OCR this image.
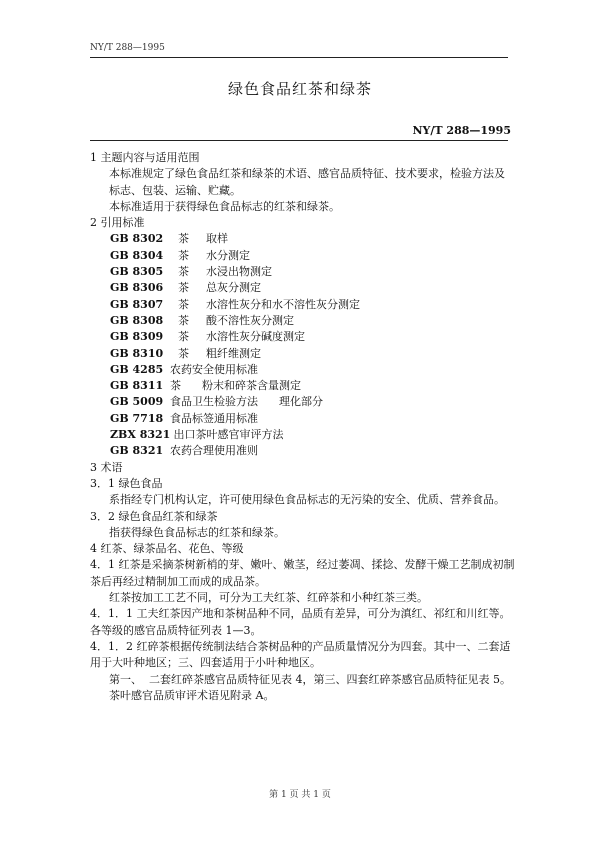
NY/T 288—1995
绿色食品红茶和绿茶
NY/T 288—1995
1 主题内容与适用范围
本标准规定了绿色食品红茶和绿茶的术语、感官品质特征、技术要求，检验方法及标志、包装、运输、贮藏。
本标准适用于获得绿色食品标志的红茶和绿茶。
2 引用标准
GB 8302	茶	取样
GB 8304	茶	水分测定
GB 8305	茶	水浸出物测定
GB 8306	茶	总灰分测定
GB 8307	茶	水溶性灰分和水不溶性灰分测定
GB 8308	茶	酸不溶性灰分测定
GB 8309	茶	水溶性灰分碱度测定
GB 8310	茶	粗纤维测定
GB 4285 农药安全使用标准
GB 8311 茶      粉末和碎茶含量测定
GB 5009 食品卫生检验方法      理化部分
GB 7718 食品标签通用标准
ZBX 8321 出口茶叶感官审评方法
GB 8321 农药合理使用准则
3 术语
3．1 绿色食品
系指经专门机构认定，许可使用绿色食品标志的无污染的安全、优质、营养食品。
3．2 绿色食品红茶和绿茶
指获得绿色食品标志的红茶和绿茶。
4 红茶、绿茶品名、花色、等级
4．1 红茶是采摘茶树新梢的芽、嫩叶、嫩茎，经过萎凋、揉捻、发酵干燥工艺制成初制茶后再经过精制加工而成的成品茶。
红茶按加工工艺不同，可分为工夫红茶、红碎茶和小种红茶三类。
4．1．1 工夫红茶因产地和茶树品种不同，品质有差异，可分为滇红、祁红和川红等。各等级的感官品质特征列表 1—3。
4．1．2 红碎茶根据传统制法结合茶树品种的产品质量情况分为四套。其中一、二套适用于大叶种地区；三、四套适用于小叶种地区。
第一、  二套红碎茶感官品质特征见表 4，第三、四套红碎茶感官品质特征见表 5。
茶叶感官品质审评术语见附录 A。
第 1 页 共 1 页
